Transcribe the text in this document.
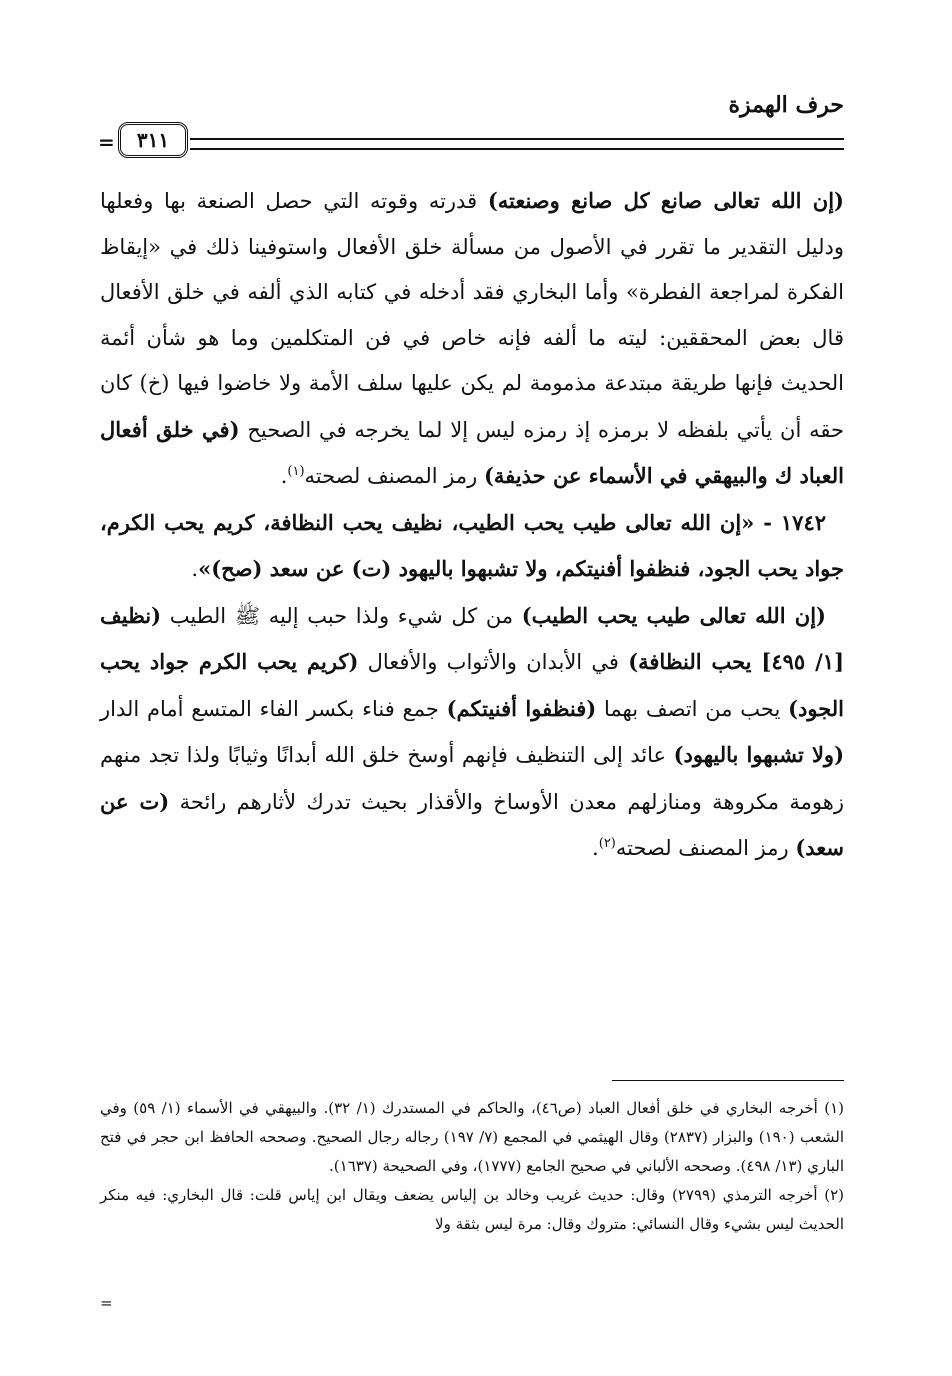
حرف الهمزة
٣١١
=

(إن الله تعالى صانع كل صانع وصنعته) قدرته وقوته التي حصل الصنعة بها وفعلها ودليل التقدير ما تقرر في الأصول من مسألة خلق الأفعال واستوفينا ذلك في «إيقاظ الفكرة لمراجعة الفطرة» وأما البخاري فقد أدخله في كتابه الذي ألفه في خلق الأفعال قال بعض المحققين: ليته ما ألفه فإنه خاص في فن المتكلمين وما هو شأن أئمة الحديث فإنها طريقة مبتدعة مذمومة لم يكن عليها سلف الأمة ولا خاضوا فيها (خ) كان حقه أن يأتي بلفظه لا برمزه إذ رمزه ليس إلا لما يخرجه في الصحيح (في خلق أفعال العباد ك والبيهقي في الأسماء عن حذيفة) رمز المصنف لصحته$^{(١)}$.

١٧٤٢ - «إن الله تعالى طيب يحب الطيب، نظيف يحب النظافة، كريم يحب الكرم، جواد يحب الجود، فنظفوا أفنيتكم، ولا تشبهوا باليهود (ت) عن سعد (صح)».

(إن الله تعالى طيب يحب الطيب) من كل شيء ولذا حبب إليه ﷺ الطيب (نظيف [١/ ٤٩٥] يحب النظافة) في الأبدان والأثواب والأفعال (كريم يحب الكرم جواد يحب الجود) يحب من اتصف بهما (فنظفوا أفنيتكم) جمع فناء بكسر الفاء المتسع أمام الدار (ولا تشبهوا باليهود) عائد إلى التنظيف فإنهم أوسخ خلق الله أبدانًا وثيابًا ولذا تجد منهم زهومة مكروهة ومنازلهم معدن الأوساخ والأقذار بحيث تدرك لأثارهم رائحة (ت عن سعد) رمز المصنف لصحته$^{(٢)}$.

(١) أخرجه البخاري في خلق أفعال العباد (ص٤٦)، والحاكم في المستدرك (١/ ٣٢). والبيهقي في الأسماء (١/ ٥٩) وفي الشعب (١٩٠) والبزار (٢٨٣٧) وقال الهيثمي في المجمع (٧/ ١٩٧) رجاله رجال الصحيح. وصححه الحافظ ابن حجر في فتح الباري (١٣/ ٤٩٨). وصححه الألباني في صحيح الجامع (١٧٧٧)، وفي الصحيحة (١٦٣٧).

(٢) أخرجه الترمذي (٢٧٩٩) وقال: حديث غريب وخالد بن إلياس يضعف ويقال ابن إياس قلت: قال البخاري: فيه منكر الحديث ليس بشيء وقال النسائي: متروك وقال: مرة ليس بثقة ولا

=
